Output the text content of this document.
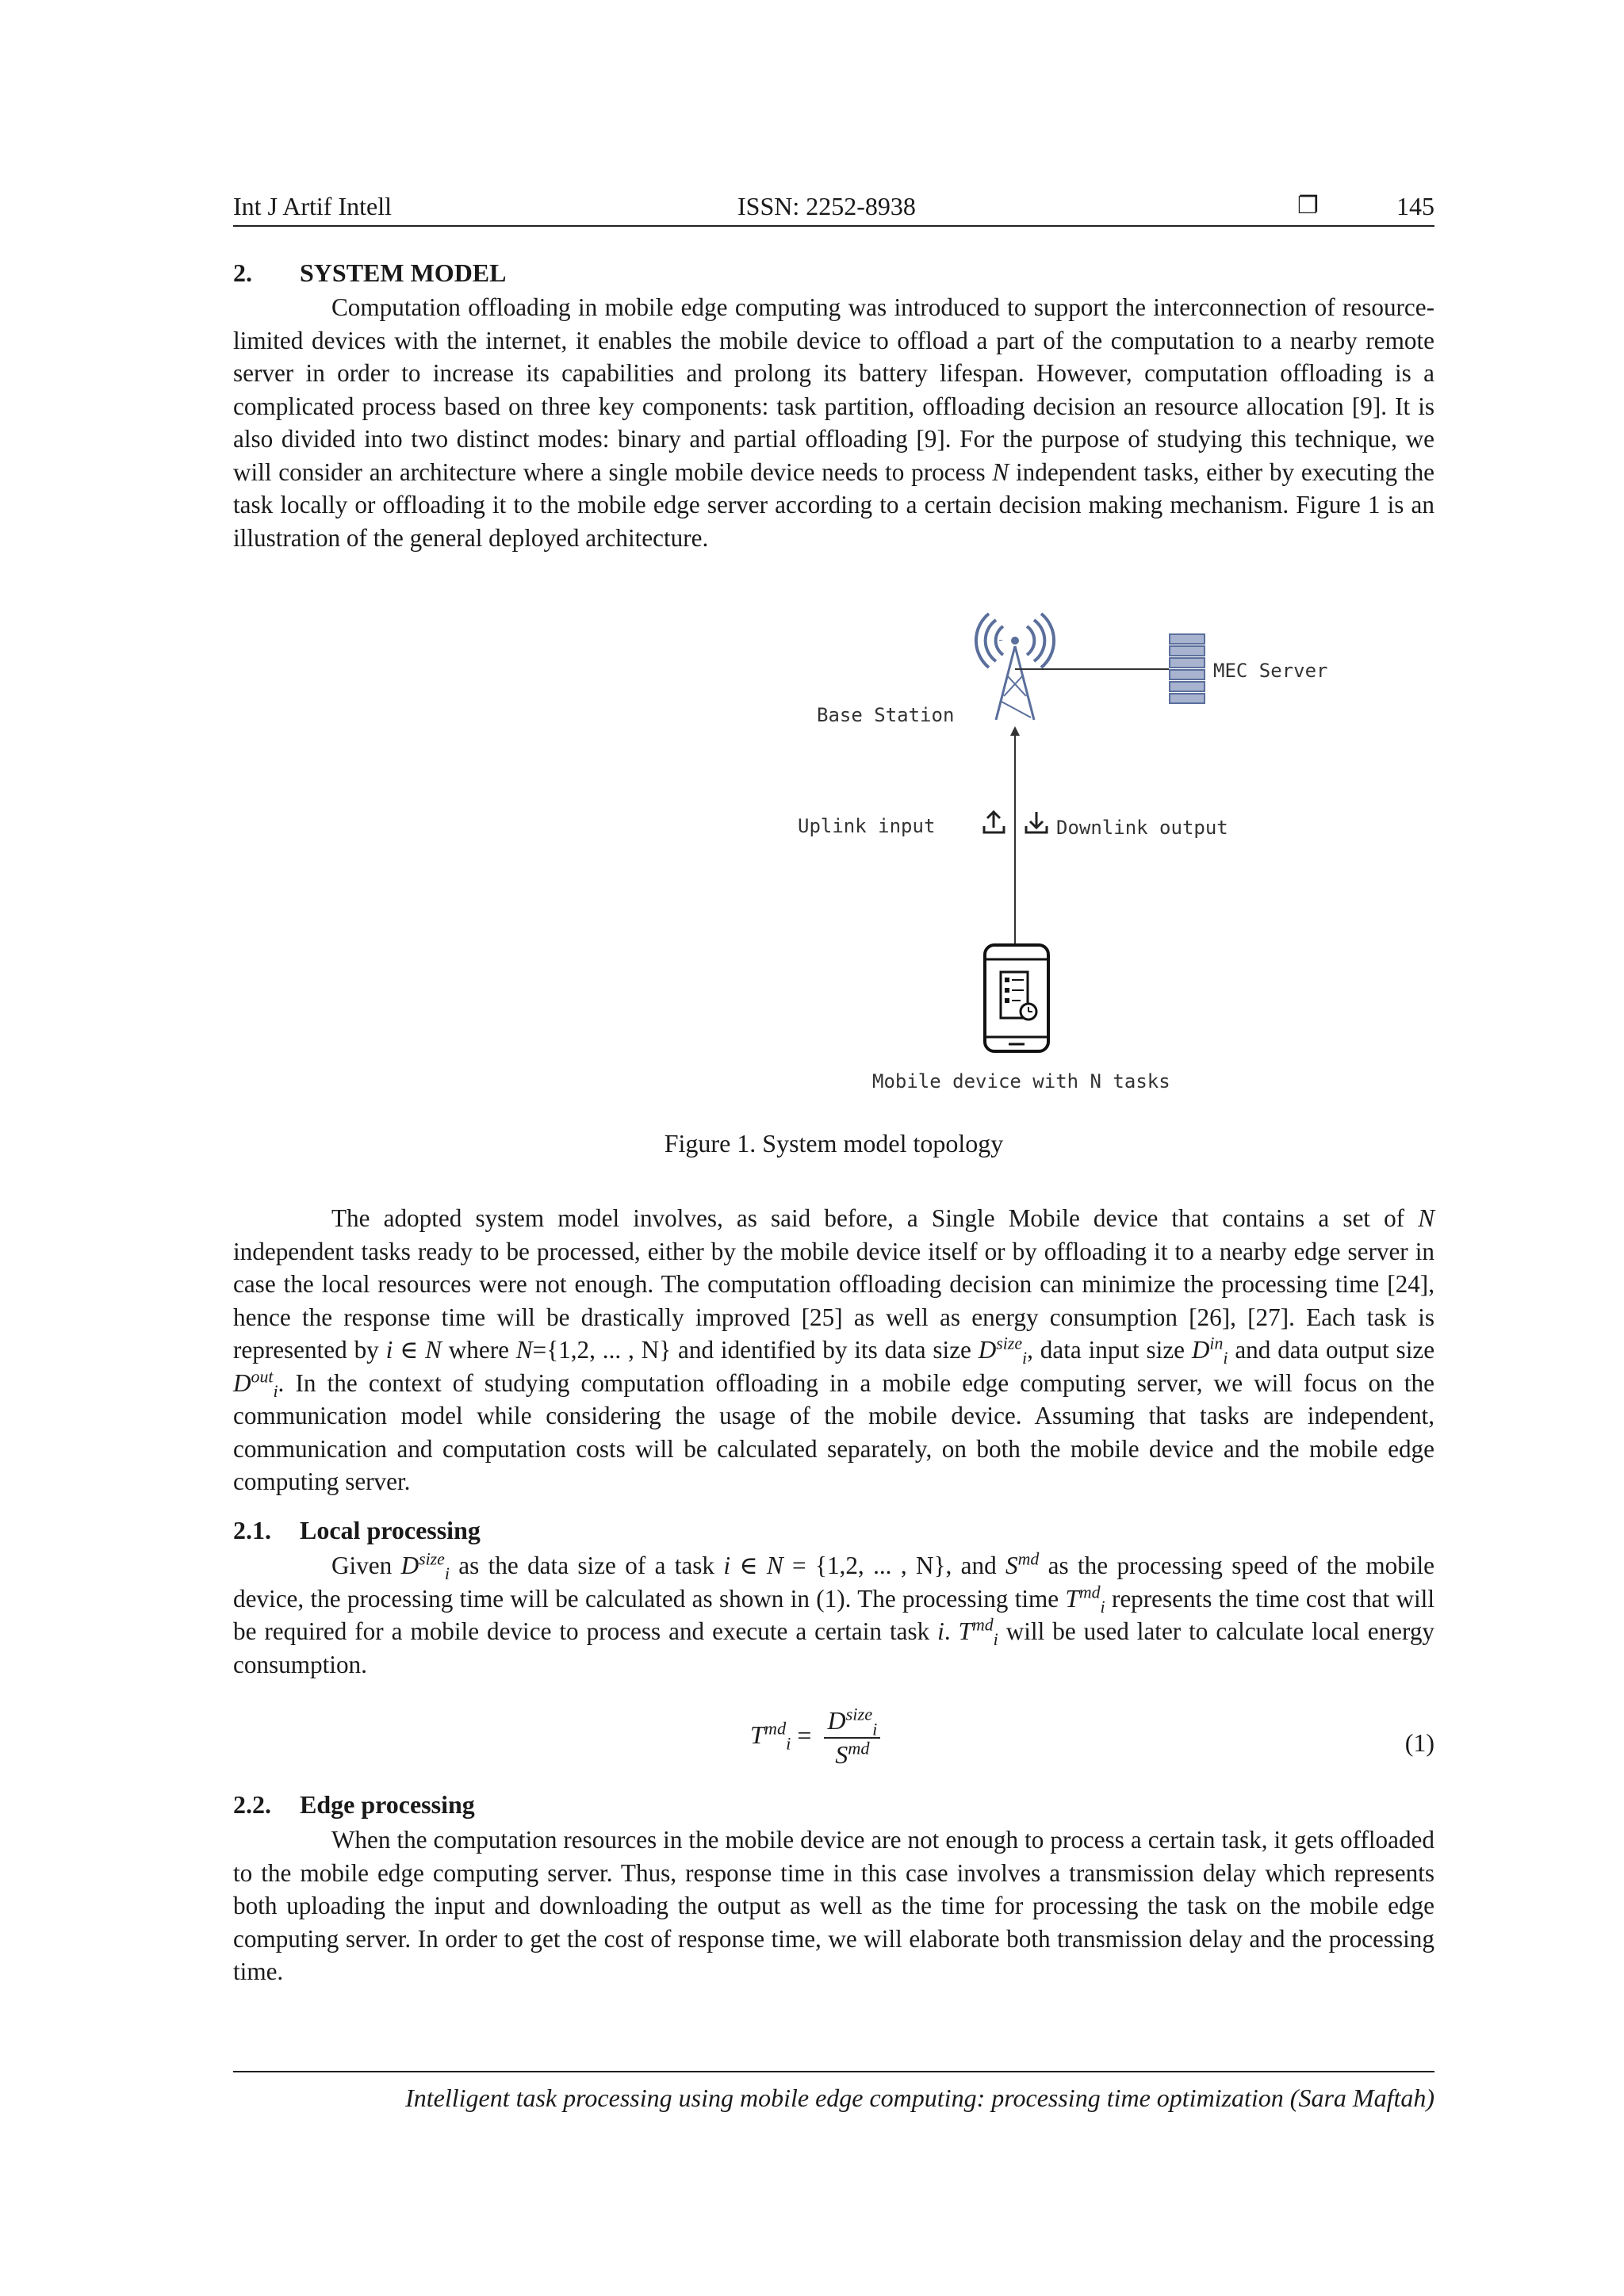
Int J Artif Intell	ISSN: 2252-8938	❐	145
2. SYSTEM MODEL

Computation offloading in mobile edge computing was introduced to support the interconnection of resource-limited devices with the internet, it enables the mobile device to offload a part of the computation to a nearby remote server in order to increase its capabilities and prolong its battery lifespan. However, computation offloading is a complicated process based on three key components: task partition, offloading decision an resource allocation [9]. It is also divided into two distinct modes: binary and partial offloading [9]. For the purpose of studying this technique, we will consider an architecture where a single mobile device needs to process N independent tasks, either by executing the task locally or offloading it to the mobile edge server according to a certain decision making mechanism. Figure 1 is an illustration of the general deployed architecture.

MEC Server
Base Station
Uplink input	Downlink output
Mobile device with N tasks
Figure 1. System model topology

The adopted system model involves, as said before, a Single Mobile device that contains a set of N independent tasks ready to be processed, either by the mobile device itself or by offloading it to a nearby edge server in case the local resources were not enough. The computation offloading decision can minimize the processing time [24], hence the response time will be drastically improved [25] as well as energy consumption [26], [27]. Each task is represented by i ∈ N where N={1,2, ... , N} and identified by its data size $D^{size}_i$, data input size $D^{in}_i$ and data output size $D^{out}_i$. In the context of studying computation offloading in a mobile edge computing server, we will focus on the communication model while considering the usage of the mobile device. Assuming that tasks are independent, communication and computation costs will be calculated separately, on both the mobile device and the mobile edge computing server.

2.1. Local processing

Given $D^{size}_i$ as the data size of a task i ∈ N = {1,2, ... , N}, and $S^{md}$ as the processing speed of the mobile device, the processing time will be calculated as shown in (1). The processing time $T^{md}_i$ represents the time cost that will be required for a mobile device to process and execute a certain task i. $T^{md}_i$ will be used later to calculate local energy consumption.

$T^{md}_i = \frac{D^{size}_i}{S^{md}}$	(1)
2.2. Edge processing

When the computation resources in the mobile device are not enough to process a certain task, it gets offloaded to the mobile edge computing server. Thus, response time in this case involves a transmission delay which represents both uploading the input and downloading the output as well as the time for processing the task on the mobile edge computing server. In order to get the cost of response time, we will elaborate both transmission delay and the processing time.

Intelligent task processing using mobile edge computing: processing time optimization (Sara Maftah)
